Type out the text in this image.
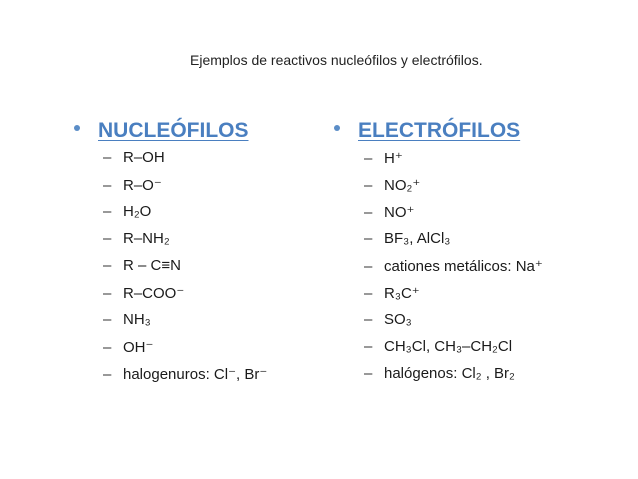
Ejemplos de reactivos nucleófilos y electrófilos.
NUCLEÓFILOS
– R–OH
– R–O⁻
– H₂O
– R–NH₂
– R – C≡N
– R–COO⁻
– NH₃
– OH⁻
– halogenuros: Cl⁻, Br⁻
ELECTRÓFILOS
– H⁺
– NO₂⁺
– NO⁺
– BF₃, AlCl₃
– cationes metálicos: Na⁺
– R₃C⁺
– SO₃
– CH₃Cl, CH₃–CH₂Cl
– halógenos: Cl₂ , Br₂
